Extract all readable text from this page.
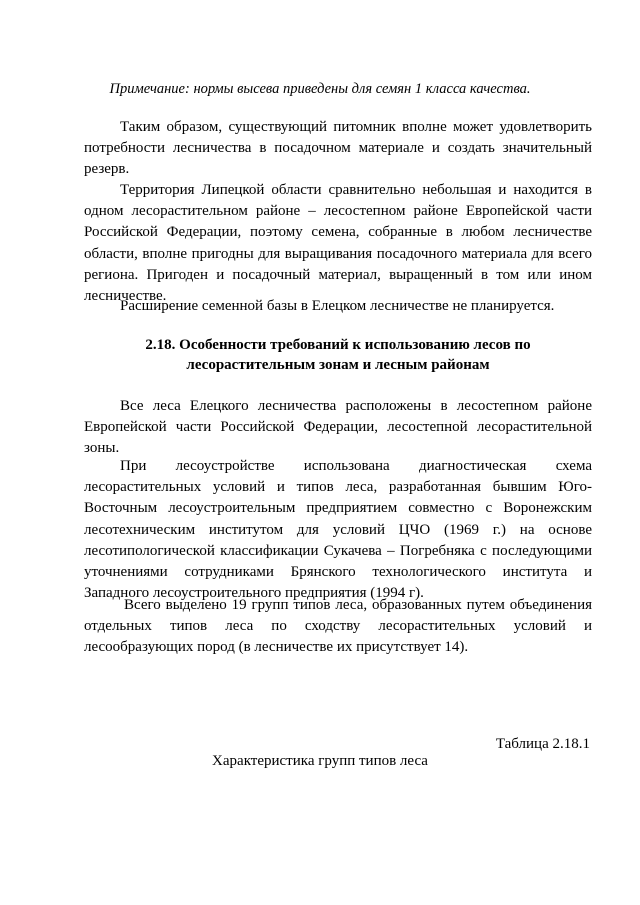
Примечание: нормы высева приведены для семян 1 класса качества.

Таким образом, существующий питомник вполне может удовлетворить потребности лесничества в посадочном материале и создать значительный резерв.

Территория Липецкой области сравнительно небольшая и находится в одном лесорастительном районе – лесостепном районе Европейской части Российской Федерации, поэтому семена, собранные в любом лесничестве области, вполне пригодны для выращивания посадочного материала для всего региона. Пригоден и посадочный материал, выращенный в том или ином лесничестве.

Расширение семенной базы в Елецком лесничестве не планируется.

2.18. Особенности требований к использованию лесов по
лесорастительным зонам и лесным районам

Все леса Елецкого лесничества расположены в лесостепном районе Европейской части Российской Федерации, лесостепной лесорастительной зоны.

При лесоустройстве использована диагностическая схема лесорастительных условий и типов леса, разработанная бывшим Юго-Восточным лесоустроительным предприятием совместно с Воронежским лесотехническим институтом для условий ЦЧО (1969 г.) на основе лесотипологической классификации Сукачева – Погребняка с последующими уточнениями сотрудниками Брянского технологического института и Западного лесоустроительного предприятия (1994 г).

Всего выделено 19 групп типов леса, образованных путем объединения отдельных типов леса по сходству лесорастительных условий и лесообразующих пород (в лесничестве их присутствует 14).

Таблица 2.18.1

Характеристика групп типов леса
